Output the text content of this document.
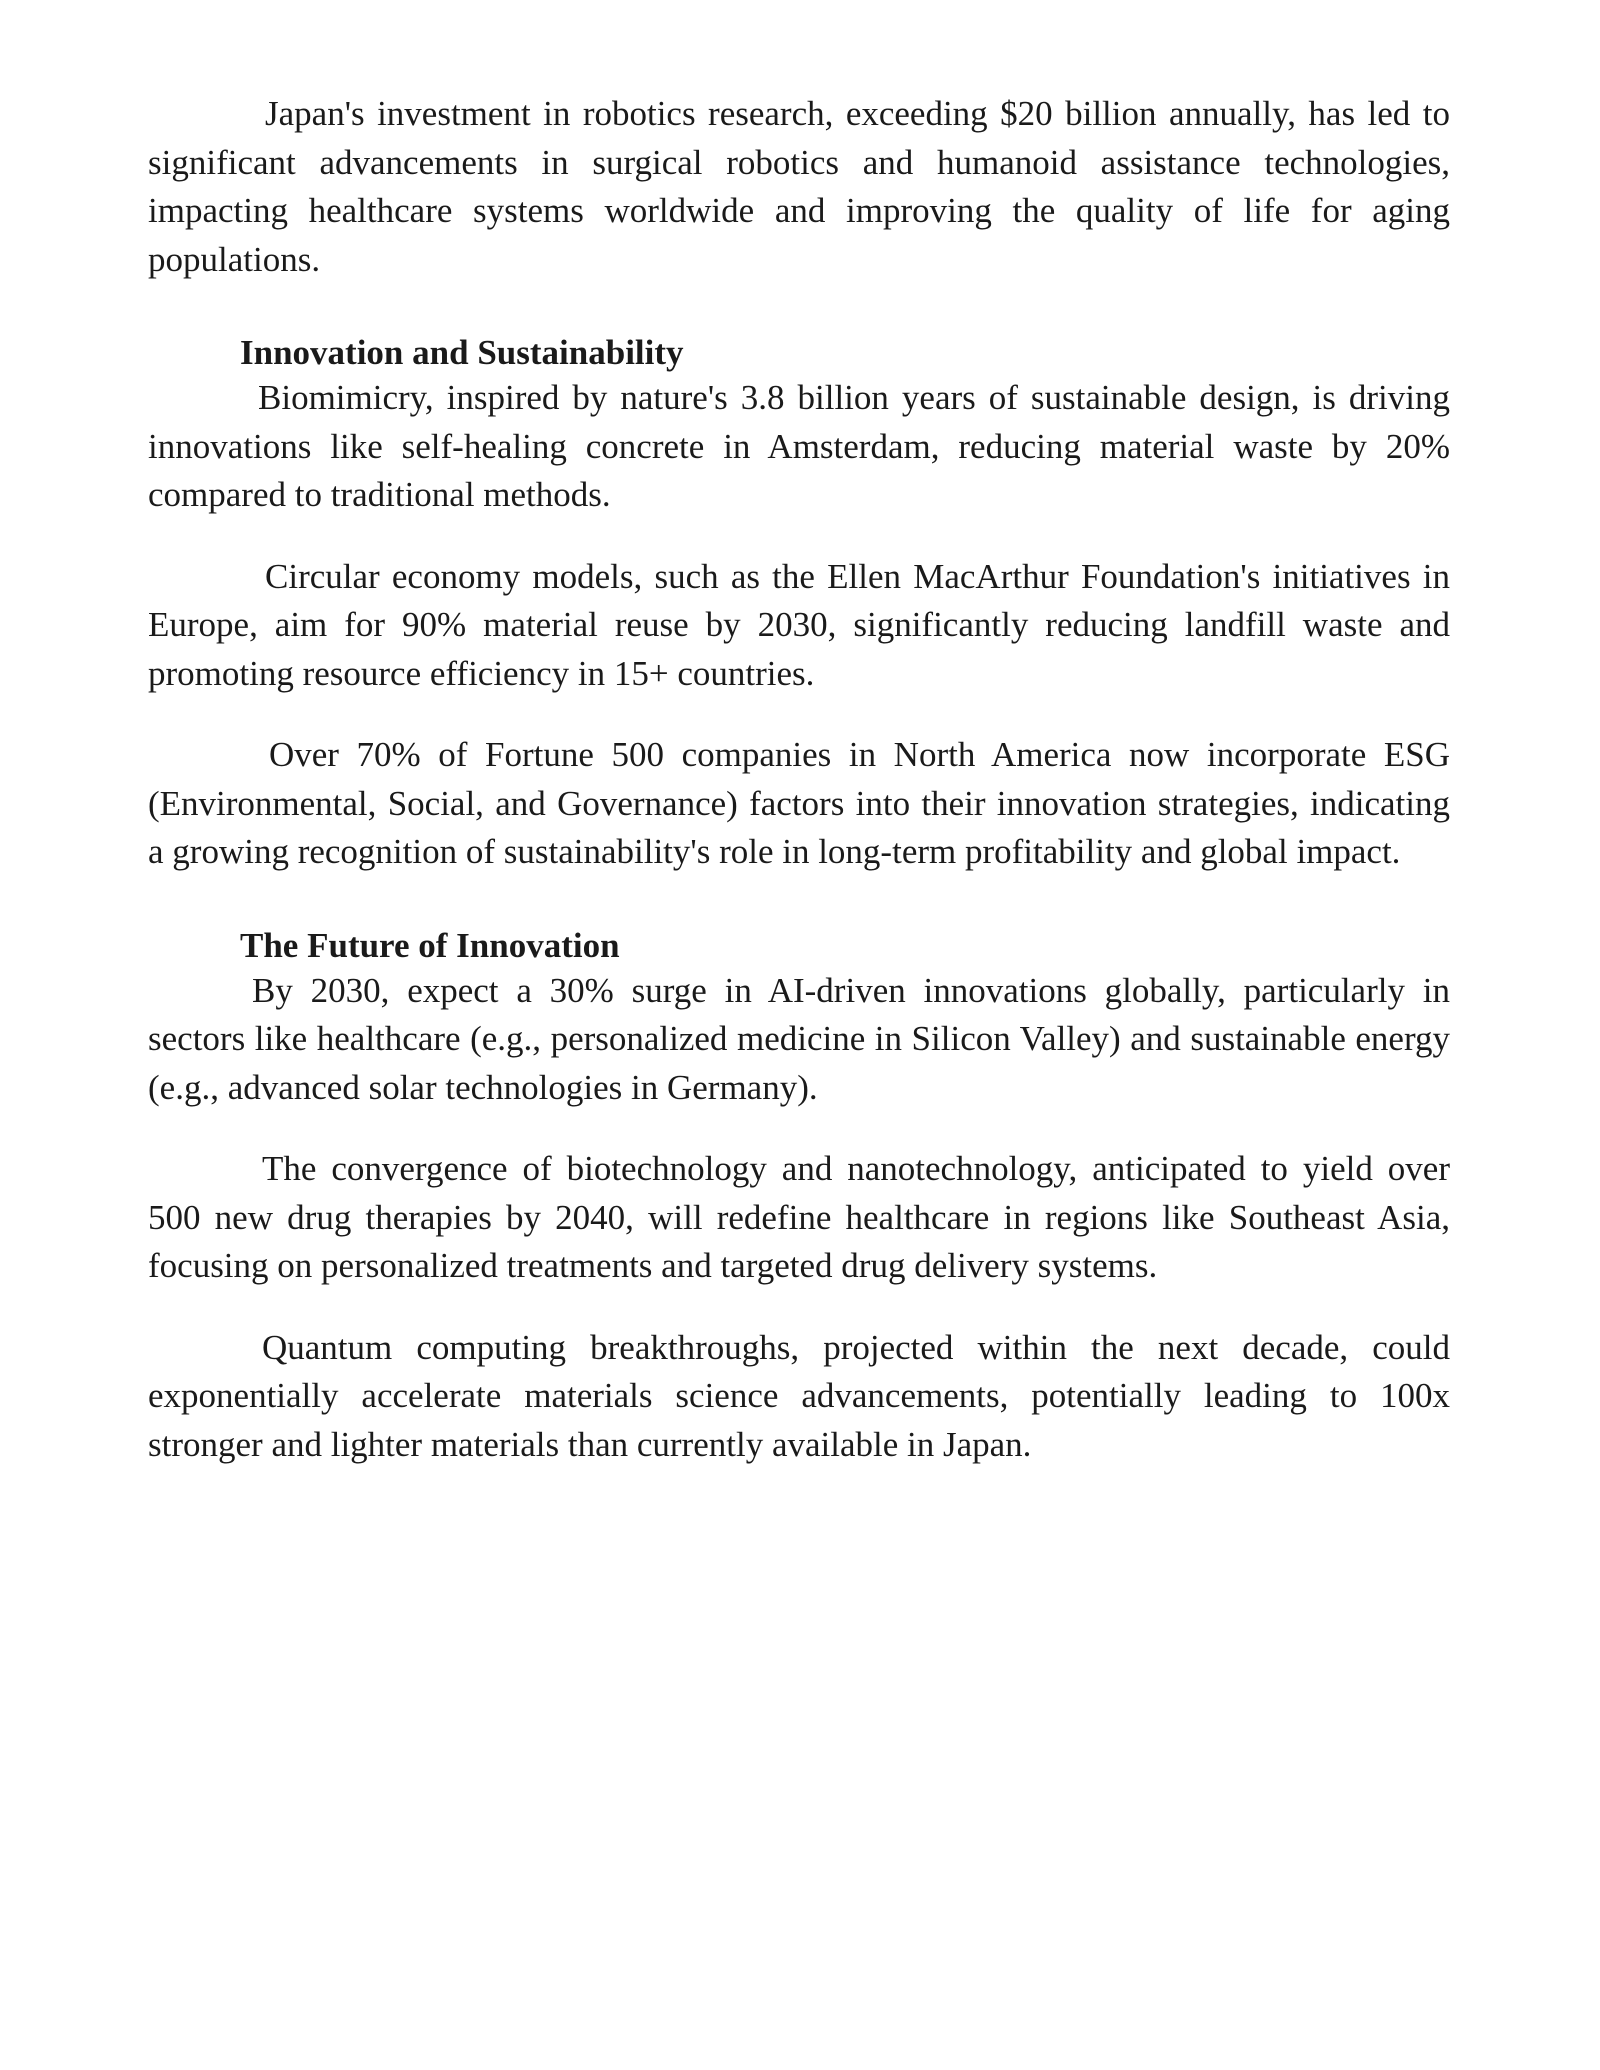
Japan's investment in robotics research, exceeding $20 billion annually, has led to significant advancements in surgical robotics and humanoid assistance technologies, impacting healthcare systems worldwide and improving the quality of life for aging populations.

Innovation and Sustainability

Biomimicry, inspired by nature's 3.8 billion years of sustainable design, is driving innovations like self-healing concrete in Amsterdam, reducing material waste by 20% compared to traditional methods.

Circular economy models, such as the Ellen MacArthur Foundation's initiatives in Europe, aim for 90% material reuse by 2030, significantly reducing landfill waste and promoting resource efficiency in 15+ countries.

Over 70% of Fortune 500 companies in North America now incorporate ESG (Environmental, Social, and Governance) factors into their innovation strategies, indicating a growing recognition of sustainability's role in long-term profitability and global impact.

The Future of Innovation

By 2030, expect a 30% surge in AI-driven innovations globally, particularly in sectors like healthcare (e.g., personalized medicine in Silicon Valley) and sustainable energy (e.g., advanced solar technologies in Germany).

The convergence of biotechnology and nanotechnology, anticipated to yield over 500 new drug therapies by 2040, will redefine healthcare in regions like Southeast Asia, focusing on personalized treatments and targeted drug delivery systems.

Quantum computing breakthroughs, projected within the next decade, could exponentially accelerate materials science advancements, potentially leading to 100x stronger and lighter materials than currently available in Japan.
